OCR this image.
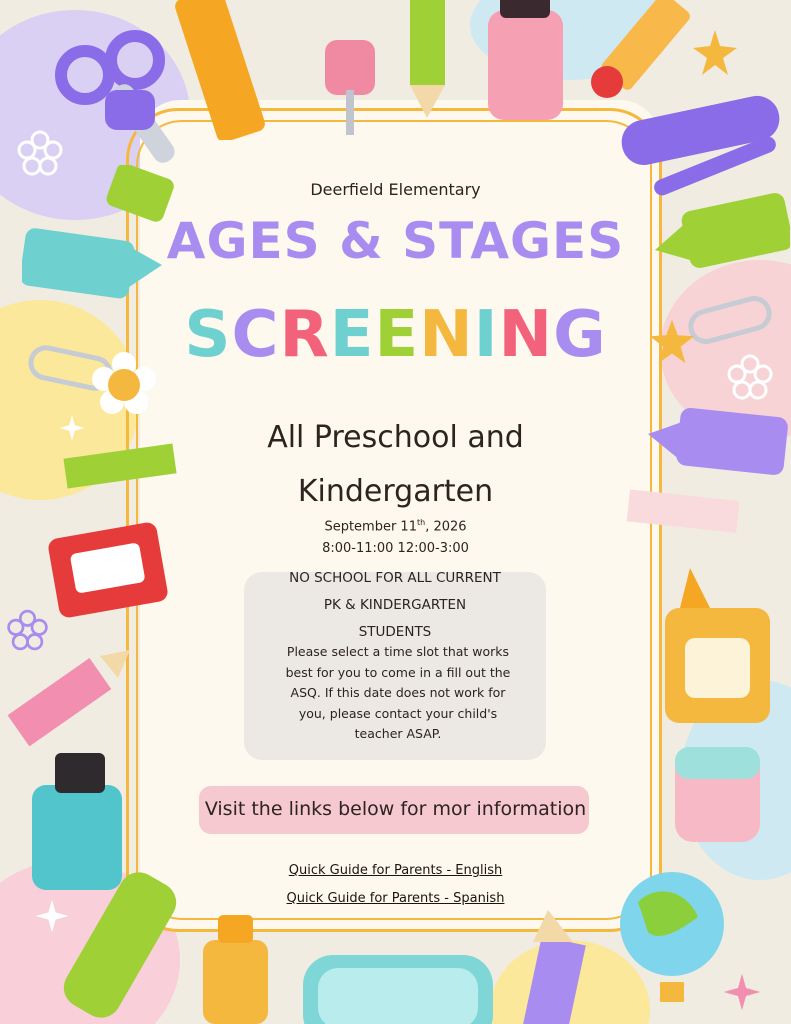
Deerfield Elementary
AGES & STAGES
SCREENING
All Preschool and
Kindergarten
September 11th, 2026
8:00-11:00 12:00-3:00
NO SCHOOL FOR ALL CURRENT
PK & KINDERGARTEN
STUDENTS
Please select a time slot that works best for you to come in a fill out the ASQ. If this date does not work for you, please contact your child's teacher ASAP.
Visit the links below for mor information
Quick Guide for Parents - English
Quick Guide for Parents - Spanish
